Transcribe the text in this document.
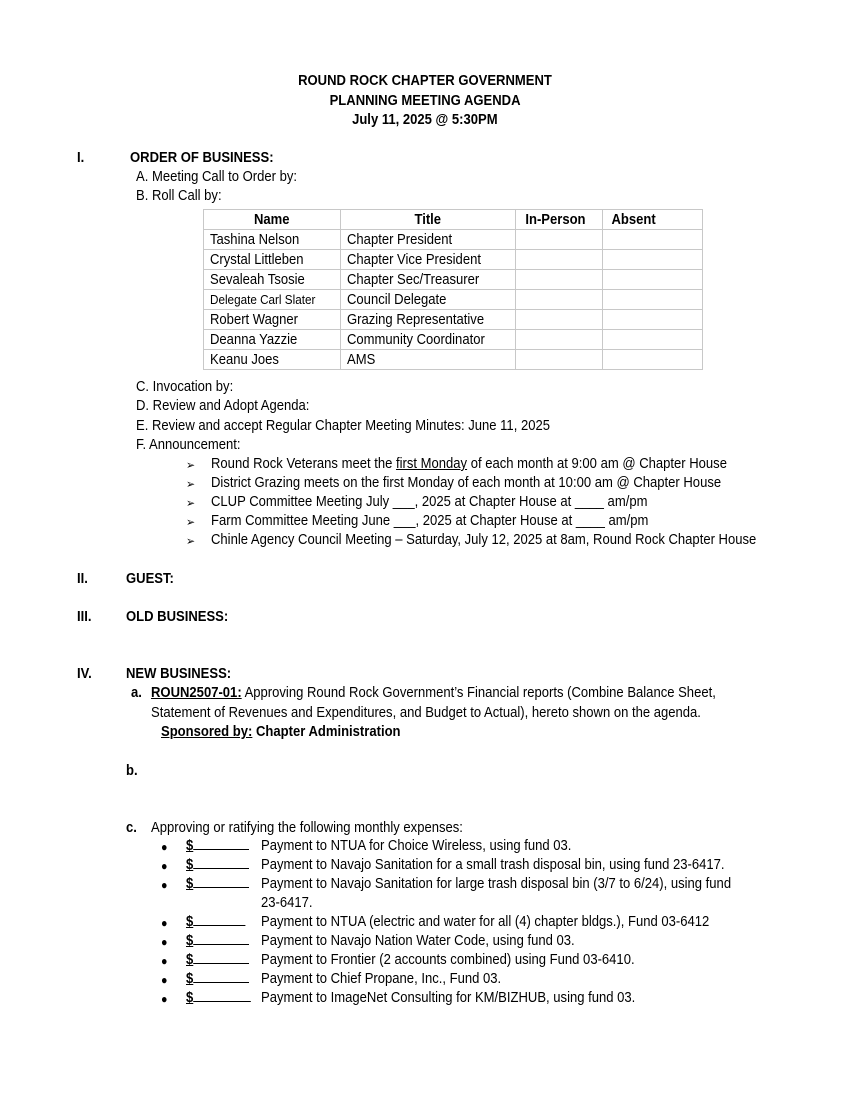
ROUND ROCK CHAPTER GOVERNMENT
PLANNING MEETING AGENDA
July 11, 2025 @ 5:30PM
I.	ORDER OF BUSINESS:
A. Meeting Call to Order by:
B. Roll Call by:
Name	Title	In-Person	Absent
Tashina Nelson	Chapter President		
Crystal Littleben	Chapter Vice President		
Sevaleah Tsosie	Chapter Sec/Treasurer		
Delegate Carl Slater	Council Delegate		
Robert Wagner	Grazing Representative		
Deanna Yazzie	Community Coordinator		
Keanu Joes	AMS		
C. Invocation by:
D. Review and Adopt Agenda:
E. Review and accept Regular Chapter Meeting Minutes: June 11, 2025
F. Announcement:
➢ Round Rock Veterans meet the first Monday of each month at 9:00 am @ Chapter House
➢ District Grazing meets on the first Monday of each month at 10:00 am @ Chapter House
➢ CLUP Committee Meeting July ___, 2025 at Chapter House at ____ am/pm
➢ Farm Committee Meeting June ___, 2025 at Chapter House at ____ am/pm
➢ Chinle Agency Council Meeting – Saturday, July 12, 2025 at 8am, Round Rock Chapter House
II.	GUEST:
III. OLD BUSINESS:
IV. NEW BUSINESS:
a. ROUN2507-01: Approving Round Rock Government’s Financial reports (Combine Balance Sheet,
Statement of Revenues and Expenditures, and Budget to Actual), hereto shown on the agenda.
Sponsored by: Chapter Administration
b.
c. Approving or ratifying the following monthly expenses:
● $	Payment to NTUA for Choice Wireless, using fund 03.
● $	Payment to Navajo Sanitation for a small trash disposal bin, using fund 23-6417.
● $	Payment to Navajo Sanitation for large trash disposal bin (3/7 to 6/24), using fund
23-6417.
● $	Payment to NTUA (electric and water for all (4) chapter bldgs.), Fund 03-6412
● $	Payment to Navajo Nation Water Code, using fund 03.
● $	Payment to Frontier (2 accounts combined) using Fund 03-6410.
● $	Payment to Chief Propane, Inc., Fund 03.
● $	Payment to ImageNet Consulting for KM/BIZHUB, using fund 03.
